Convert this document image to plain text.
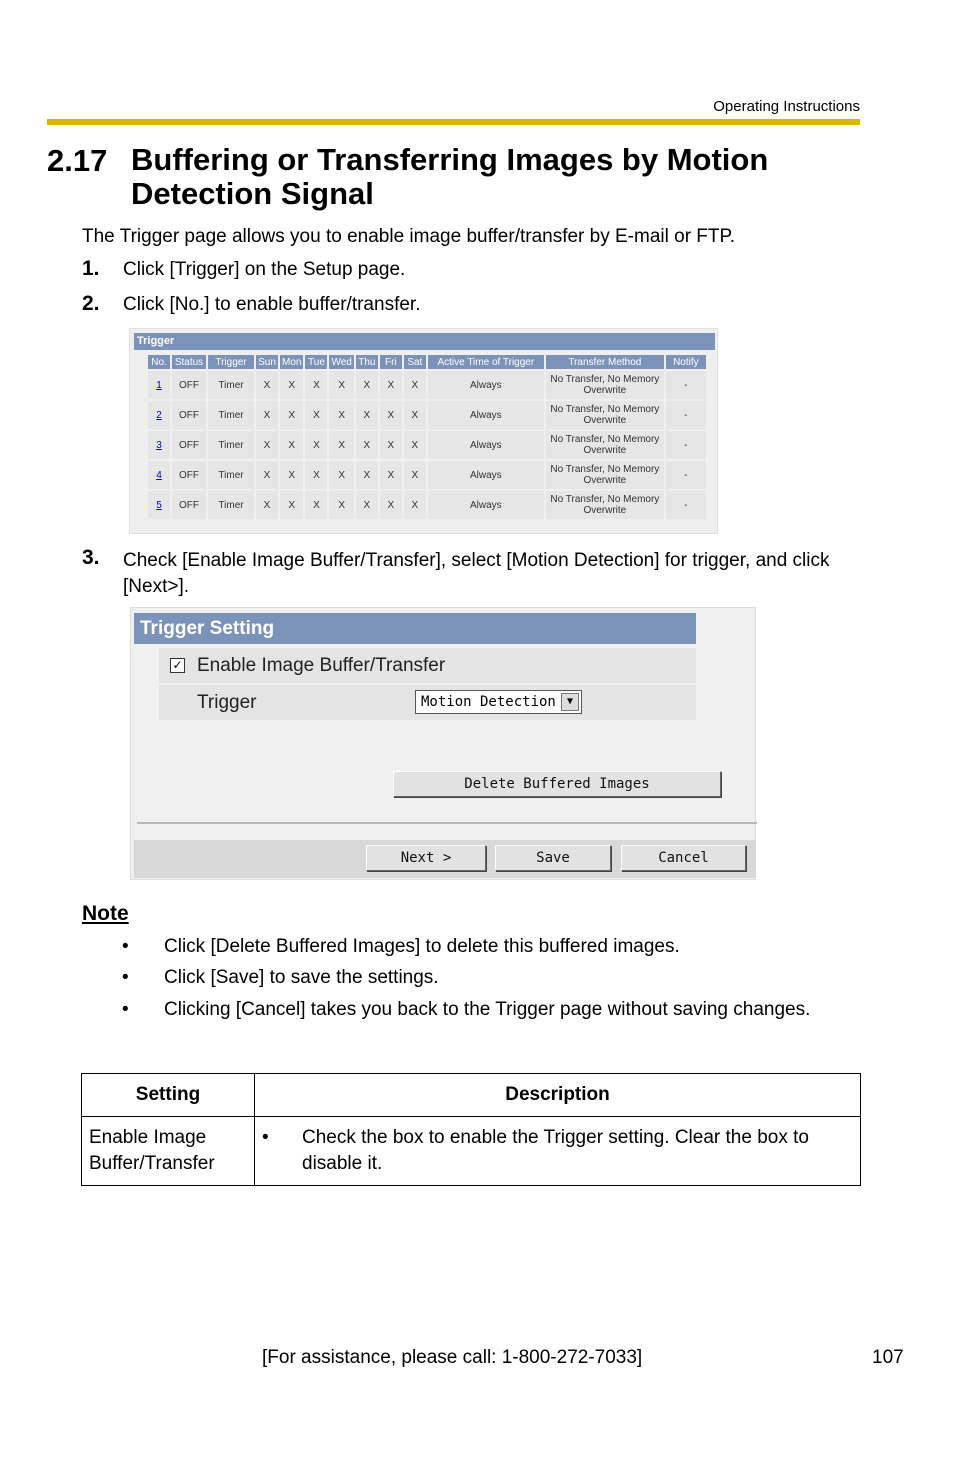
Operating Instructions
2.17 Buffering or Transferring Images by Motion Detection Signal
The Trigger page allows you to enable image buffer/transfer by E-mail or FTP.
1. Click [Trigger] on the Setup page.
2. Click [No.] to enable buffer/transfer.
Trigger
No.	Status	Trigger	Sun	Mon	Tue	Wed	Thu	Fri	Sat	Active Time of Trigger	Transfer Method	Notify
1	OFF	Timer	X	X	X	X	X	X	X	Always	No Transfer, No Memory Overwrite	-
2	OFF	Timer	X	X	X	X	X	X	X	Always	No Transfer, No Memory Overwrite	-
3	OFF	Timer	X	X	X	X	X	X	X	Always	No Transfer, No Memory Overwrite	-
4	OFF	Timer	X	X	X	X	X	X	X	Always	No Transfer, No Memory Overwrite	-
5	OFF	Timer	X	X	X	X	X	X	X	Always	No Transfer, No Memory Overwrite	-
3. Check [Enable Image Buffer/Transfer], select [Motion Detection] for trigger, and click [Next>].
Trigger Setting
✓ Enable Image Buffer/Transfer
Trigger	Motion Detection	▼
Delete Buffered Images
Next >	Save	Cancel
Note
• Click [Delete Buffered Images] to delete this buffered images.
• Click [Save] to save the settings.
• Clicking [Cancel] takes you back to the Trigger page without saving changes.
Setting	Description
Enable Image Buffer/Transfer	• Check the box to enable the Trigger setting. Clear the box to disable it.
[For assistance, please call: 1-800-272-7033]	107
